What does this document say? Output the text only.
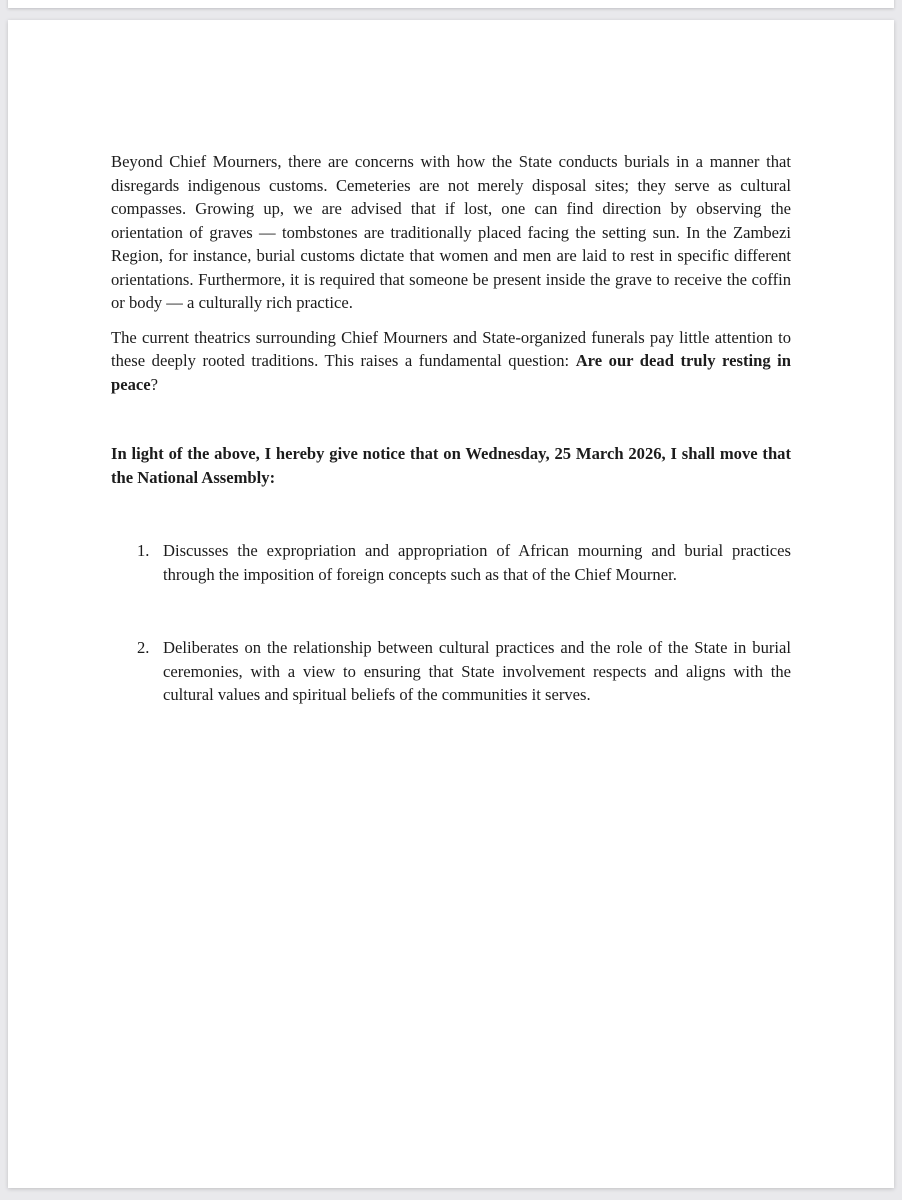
Beyond Chief Mourners, there are concerns with how the State conducts burials in a manner that disregards indigenous customs. Cemeteries are not merely disposal sites; they serve as cultural compasses. Growing up, we are advised that if lost, one can find direction by observing the orientation of graves — tombstones are traditionally placed facing the setting sun. In the Zambezi Region, for instance, burial customs dictate that women and men are laid to rest in specific different orientations. Furthermore, it is required that someone be present inside the grave to receive the coffin or body — a culturally rich practice.

The current theatrics surrounding Chief Mourners and State-organized funerals pay little attention to these deeply rooted traditions. This raises a fundamental question: Are our dead truly resting in peace?

In light of the above, I hereby give notice that on Wednesday, 25 March 2026, I shall move that the National Assembly:

1. Discusses the expropriation and appropriation of African mourning and burial practices through the imposition of foreign concepts such as that of the Chief Mourner.
2. Deliberates on the relationship between cultural practices and the role of the State in burial ceremonies, with a view to ensuring that State involvement respects and aligns with the cultural values and spiritual beliefs of the communities it serves.
